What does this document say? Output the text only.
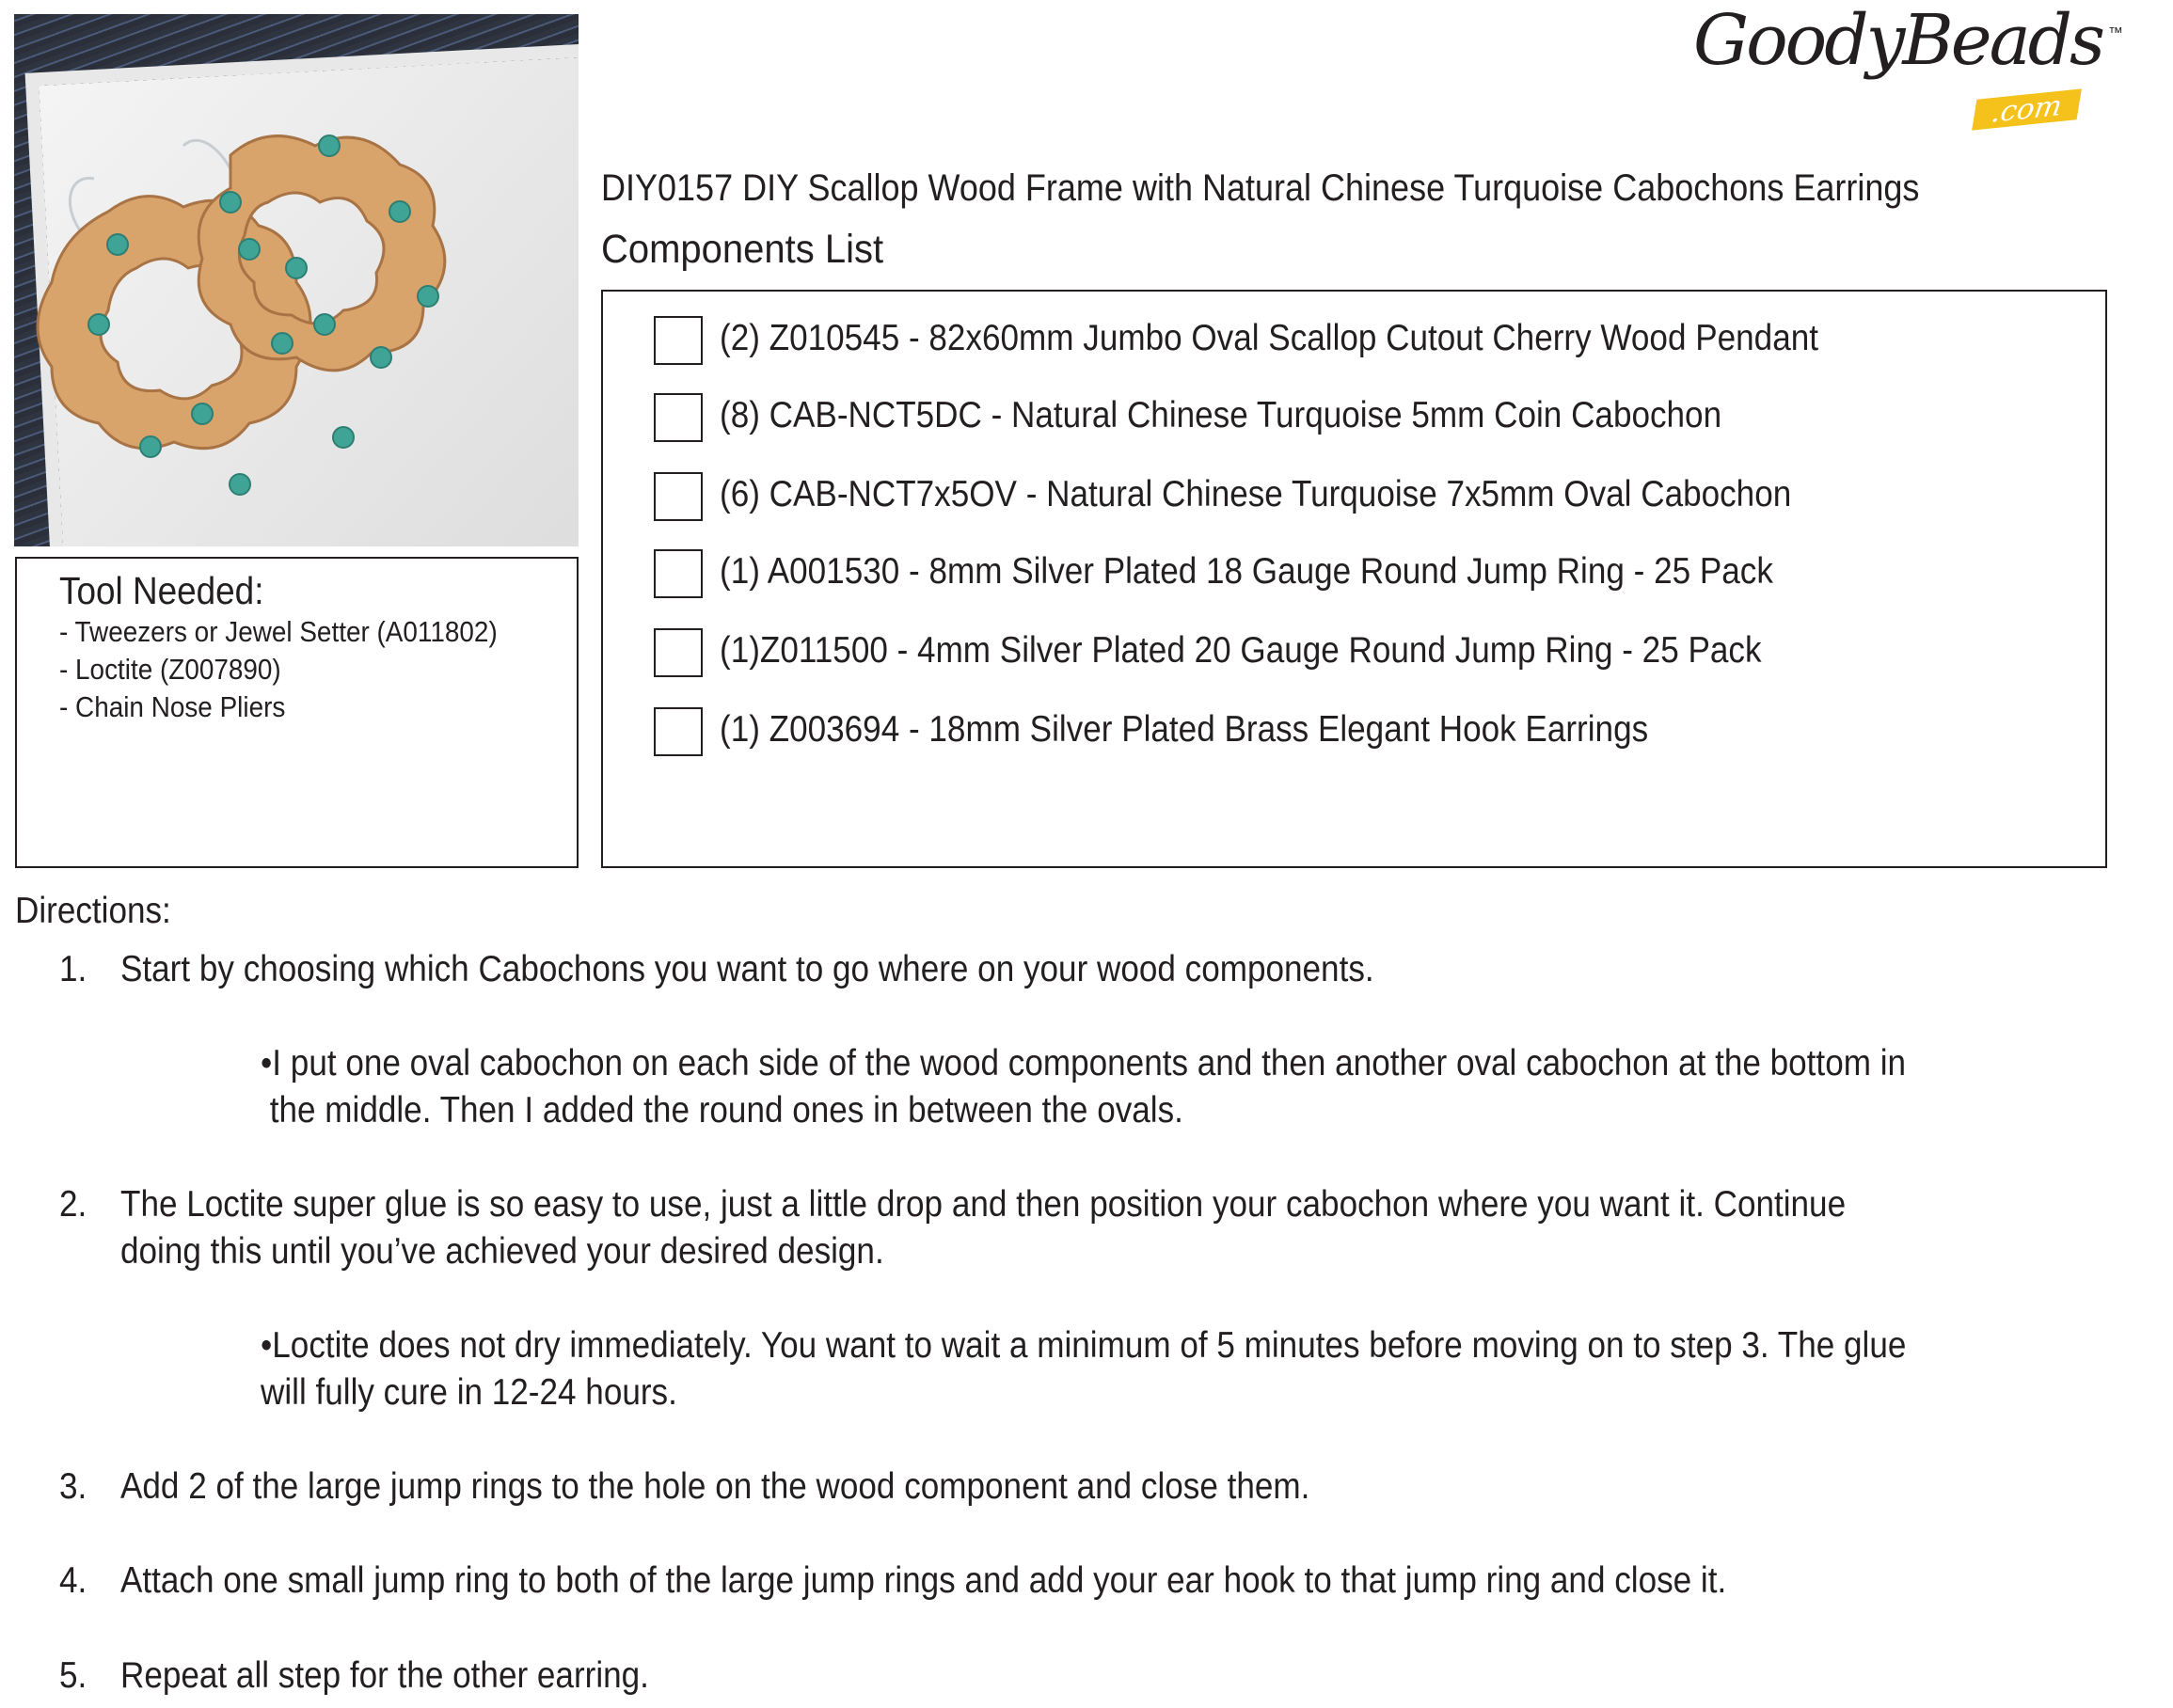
GoodyBeads ™
.com
DIY0157 DIY Scallop Wood Frame with Natural Chinese Turquoise Cabochons Earrings
Components List
Tool Needed:
- Tweezers or Jewel Setter (A011802)
- Loctite (Z007890)
- Chain Nose Pliers
(2) Z010545 - 82x60mm Jumbo Oval Scallop Cutout Cherry Wood Pendant
(8) CAB-NCT5DC - Natural Chinese Turquoise 5mm Coin Cabochon
(6) CAB-NCT7x5OV - Natural Chinese Turquoise 7x5mm Oval Cabochon
(1) A001530 - 8mm Silver Plated 18 Gauge Round Jump Ring - 25 Pack
(1)Z011500 - 4mm Silver Plated 20 Gauge Round Jump Ring - 25 Pack
(1) Z003694 - 18mm Silver Plated Brass Elegant Hook Earrings
Directions:
1. Start by choosing which Cabochons you want to go where on your wood components.
•I put one oval cabochon on each side of the wood components and then another oval cabochon at the bottom in
the middle. Then I added the round ones in between the ovals.
2. The Loctite super glue is so easy to use, just a little drop and then position your cabochon where you want it. Continue
doing this until you’ve achieved your desired design.
•Loctite does not dry immediately. You want to wait a minimum of 5 minutes before moving on to step 3. The glue
will fully cure in 12-24 hours.
3. Add 2 of the large jump rings to the hole on the wood component and close them.
4. Attach one small jump ring to both of the large jump rings and add your ear hook to that jump ring and close it.
5. Repeat all step for the other earring.
